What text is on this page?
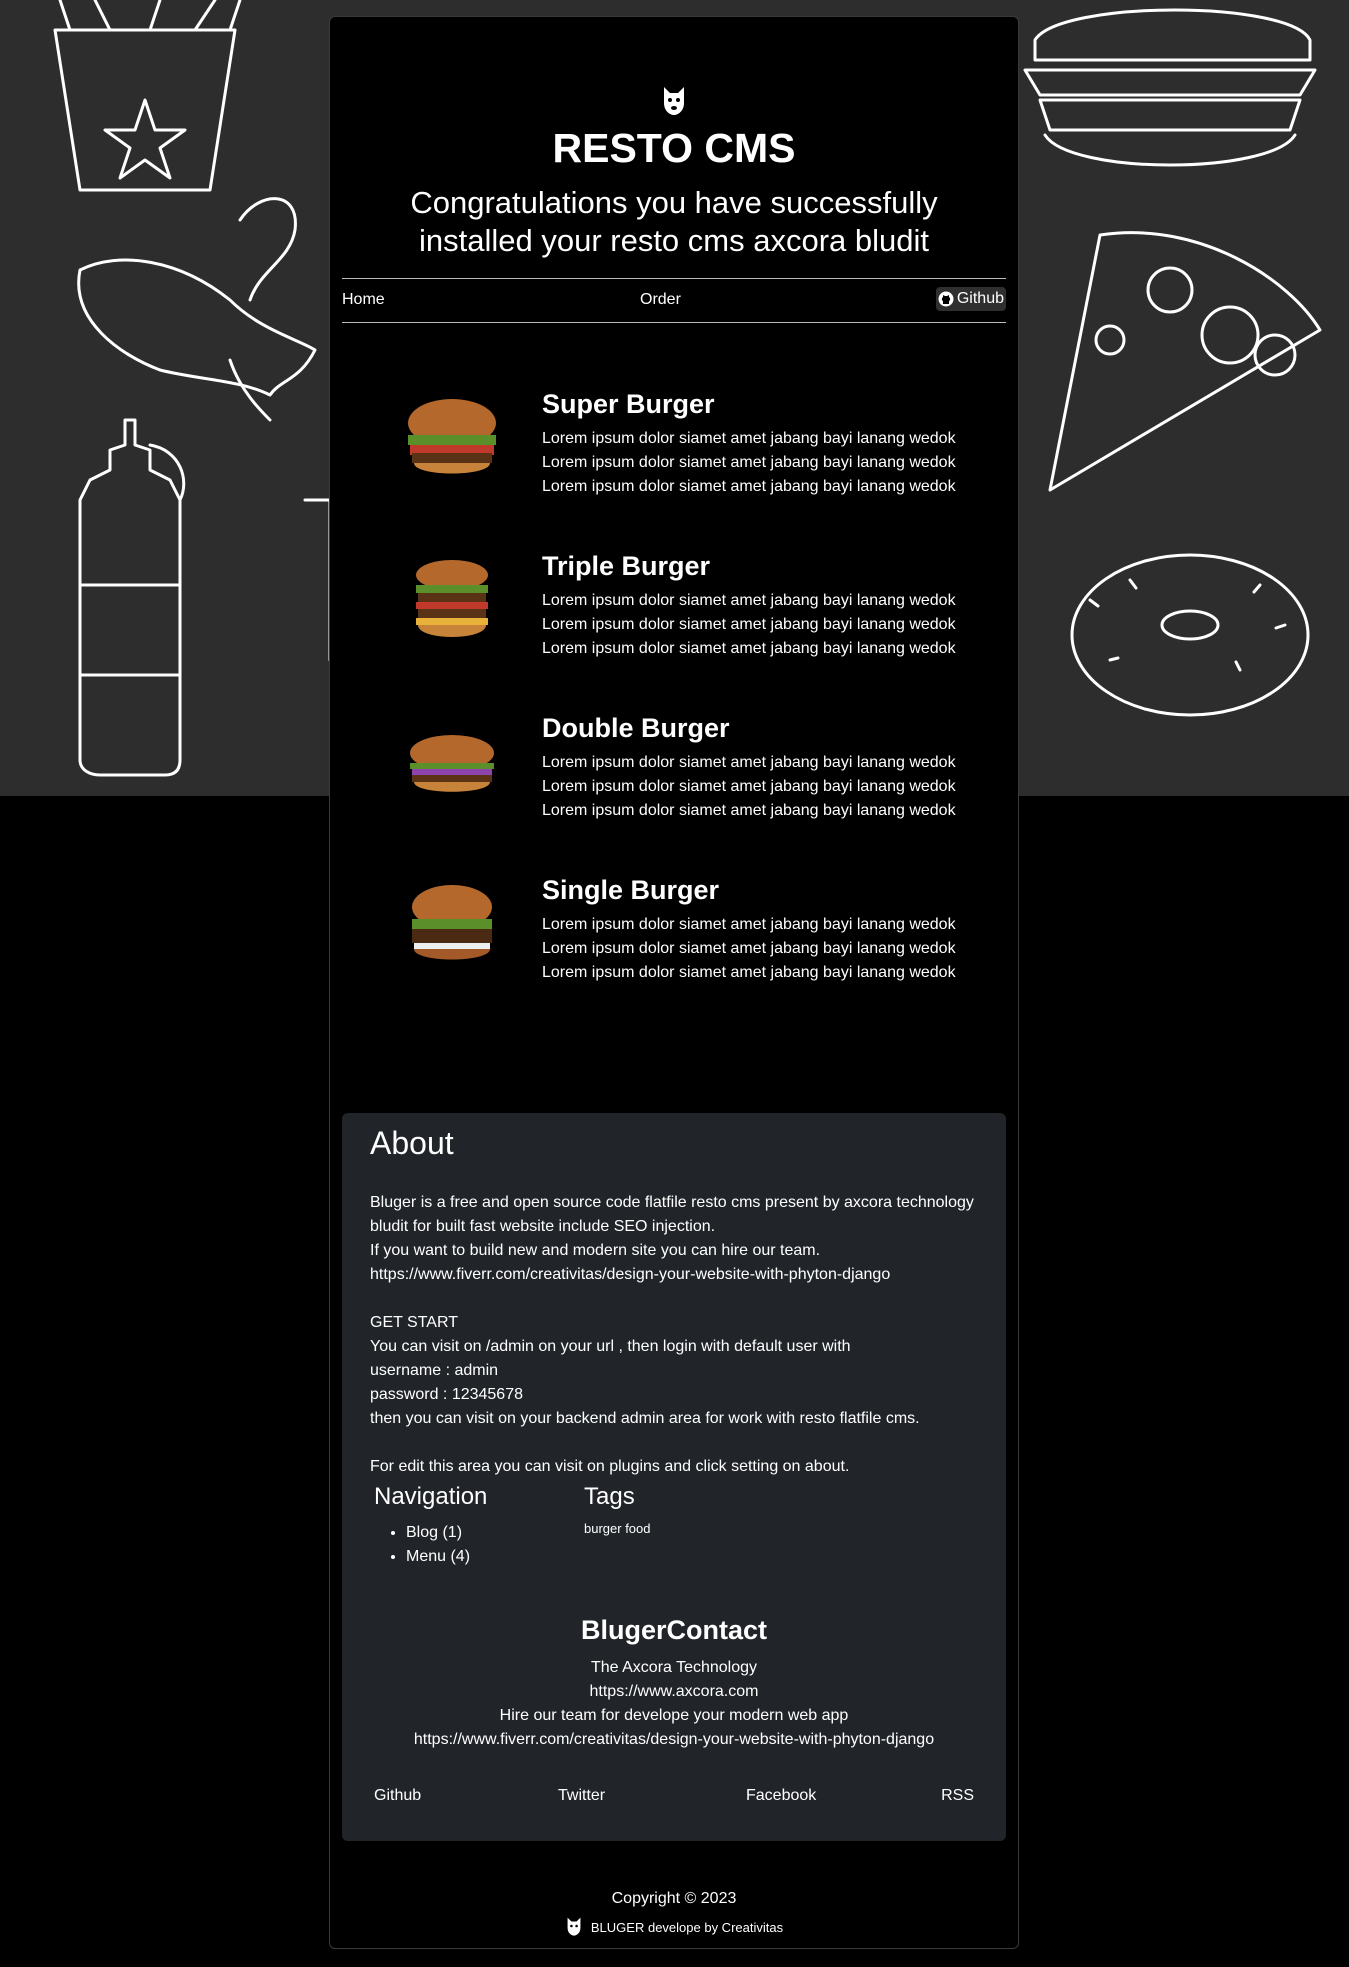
RESTO CMS
Congratulations you have successfully installed your resto cms axcora bludit
Home	Order	Github
Super Burger
Lorem ipsum dolor siamet amet jabang bayi lanang wedok Lorem ipsum dolor siamet amet jabang bayi lanang wedok Lorem ipsum dolor siamet amet jabang bayi lanang wedok
Triple Burger
Lorem ipsum dolor siamet amet jabang bayi lanang wedok Lorem ipsum dolor siamet amet jabang bayi lanang wedok Lorem ipsum dolor siamet amet jabang bayi lanang wedok
Double Burger
Lorem ipsum dolor siamet amet jabang bayi lanang wedok Lorem ipsum dolor siamet amet jabang bayi lanang wedok Lorem ipsum dolor siamet amet jabang bayi lanang wedok
Single Burger
Lorem ipsum dolor siamet amet jabang bayi lanang wedok Lorem ipsum dolor siamet amet jabang bayi lanang wedok Lorem ipsum dolor siamet amet jabang bayi lanang wedok
About
Bluger is a free and open source code flatfile resto cms present by axcora technology bludit for built fast website include SEO injection.
If you want to build new and modern site you can hire our team.
https://www.fiverr.com/creativitas/design-your-website-with-phyton-django

GET START
You can visit on /admin on your url , then login with default user with
username : admin
password : 12345678
then you can visit on your backend admin area for work with resto flatfile cms.

For edit this area you can visit on plugins and click setting on about.
Navigation
• Blog (1)
• Menu (4)
Tags
burger food
BlugerContact
The Axcora Technology
https://www.axcora.com
Hire our team for develope your modern web app
https://www.fiverr.com/creativitas/design-your-website-with-phyton-django
Github	Twitter	Facebook	RSS
Copyright © 2023
BLUGER develope by Creativitas
